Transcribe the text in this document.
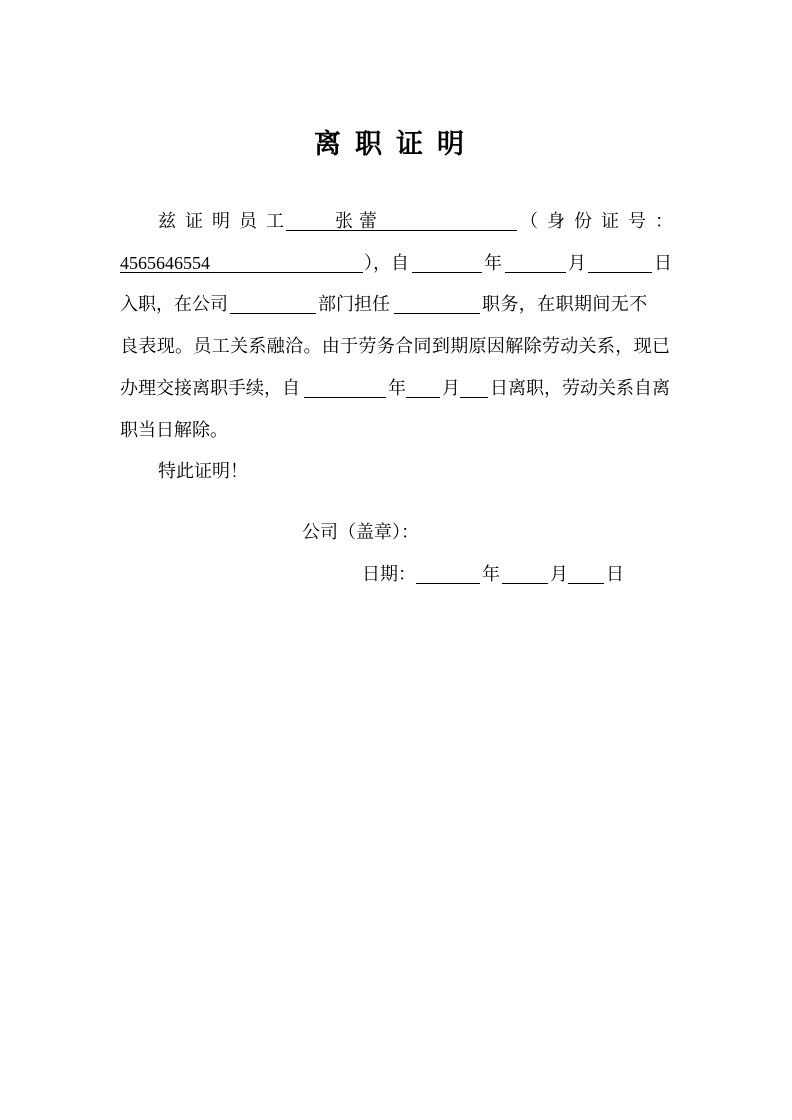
离职证明
兹证明员工 张蕾	（身份证号：
4565646554	），自	年	月	日
入职，在公司	部门担任	职务，在职期间无不
良表现。员工关系融洽。由于劳务合同到期原因解除劳动关系，现已
办理交接离职手续，自	年 月 日离职，劳动关系自离
职当日解除。
特此证明！
公司（盖章）：
日期：	年	月 日
